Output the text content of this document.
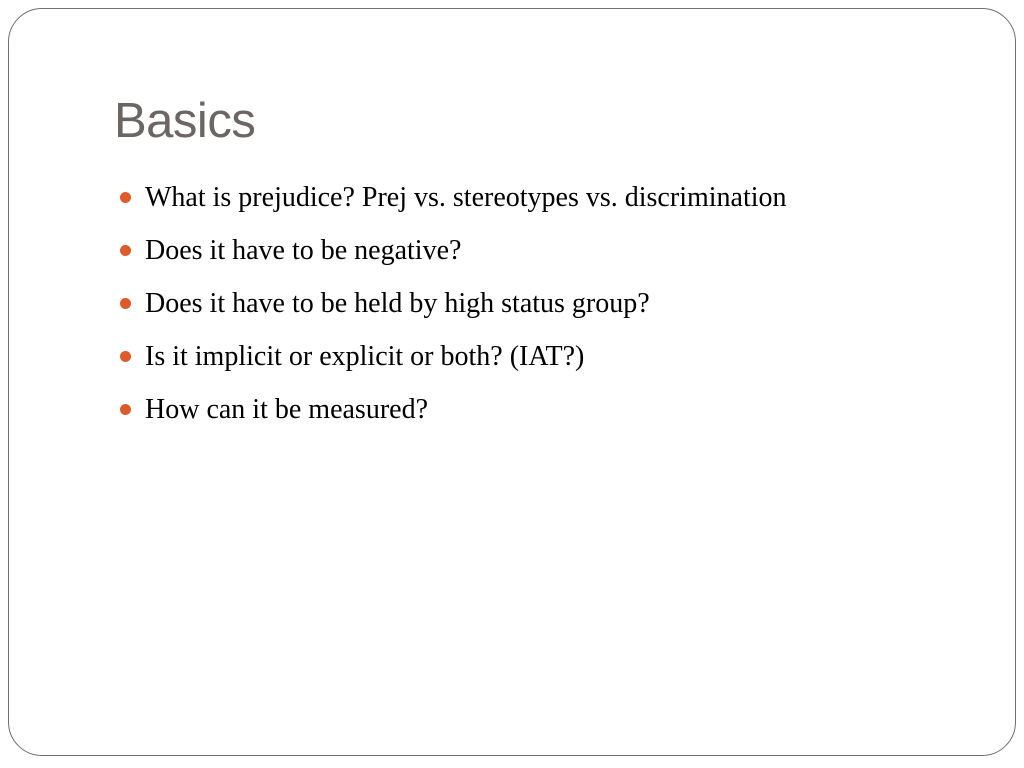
Basics
What is prejudice? Prej vs. stereotypes vs. discrimination
Does it have to be negative?
Does it have to be held by high status group?
Is it implicit or explicit or both? (IAT?)
How can it be measured?
